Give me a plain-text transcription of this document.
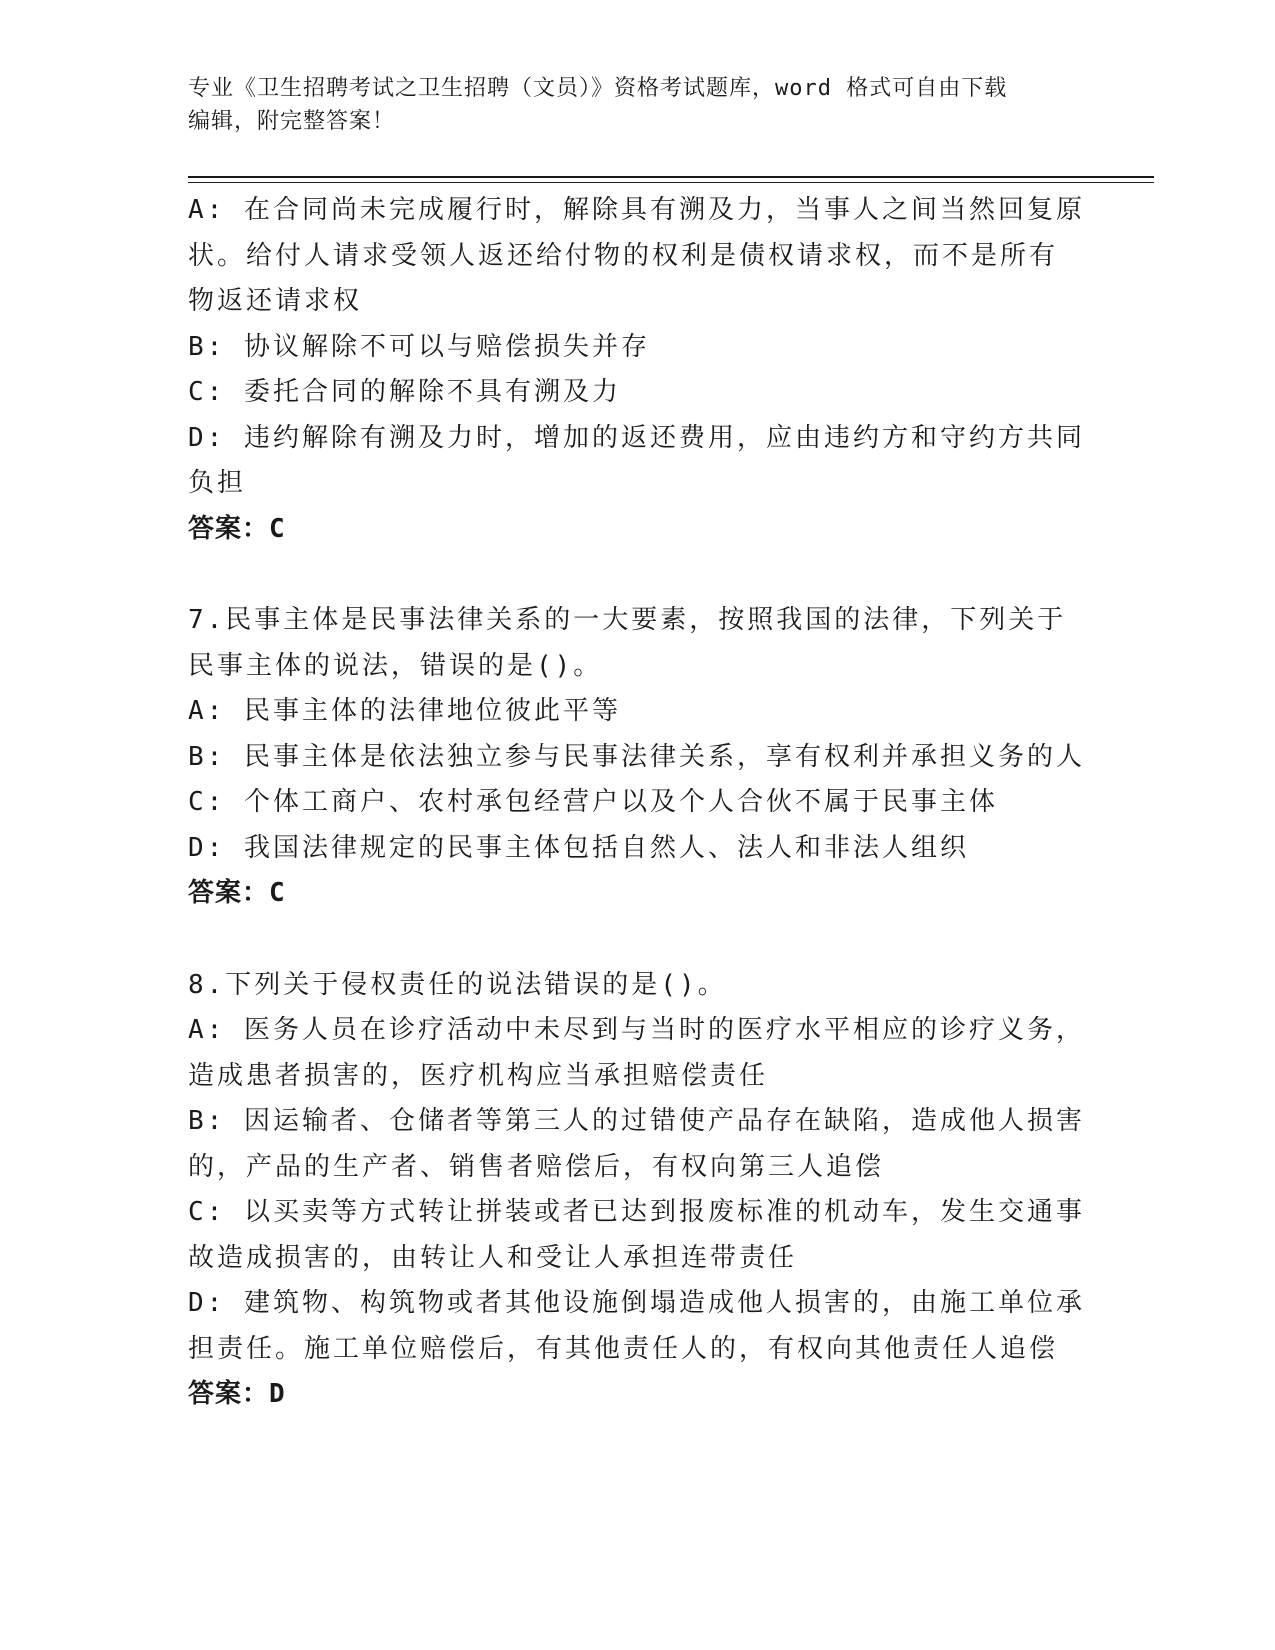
专业《卫生招聘考试之卫生招聘（文员）》资格考试题库，word 格式可自由下载
编辑，附完整答案！
A: 在合同尚未完成履行时，解除具有溯及力，当事人之间当然回复原
状。给付人请求受领人返还给付物的权利是债权请求权，而不是所有
物返还请求权
B: 协议解除不可以与赔偿损失并存
C: 委托合同的解除不具有溯及力
D: 违约解除有溯及力时，增加的返还费用，应由违约方和守约方共同
负担
答案：C
7.民事主体是民事法律关系的一大要素，按照我国的法律，下列关于
民事主体的说法，错误的是()。
A: 民事主体的法律地位彼此平等
B: 民事主体是依法独立参与民事法律关系，享有权利并承担义务的人
C: 个体工商户、农村承包经营户以及个人合伙不属于民事主体
D: 我国法律规定的民事主体包括自然人、法人和非法人组织
答案：C
8.下列关于侵权责任的说法错误的是()。
A: 医务人员在诊疗活动中未尽到与当时的医疗水平相应的诊疗义务，
造成患者损害的，医疗机构应当承担赔偿责任
B: 因运输者、仓储者等第三人的过错使产品存在缺陷，造成他人损害
的，产品的生产者、销售者赔偿后，有权向第三人追偿
C: 以买卖等方式转让拼装或者已达到报废标准的机动车，发生交通事
故造成损害的，由转让人和受让人承担连带责任
D: 建筑物、构筑物或者其他设施倒塌造成他人损害的，由施工单位承
担责任。施工单位赔偿后，有其他责任人的，有权向其他责任人追偿
答案：D
